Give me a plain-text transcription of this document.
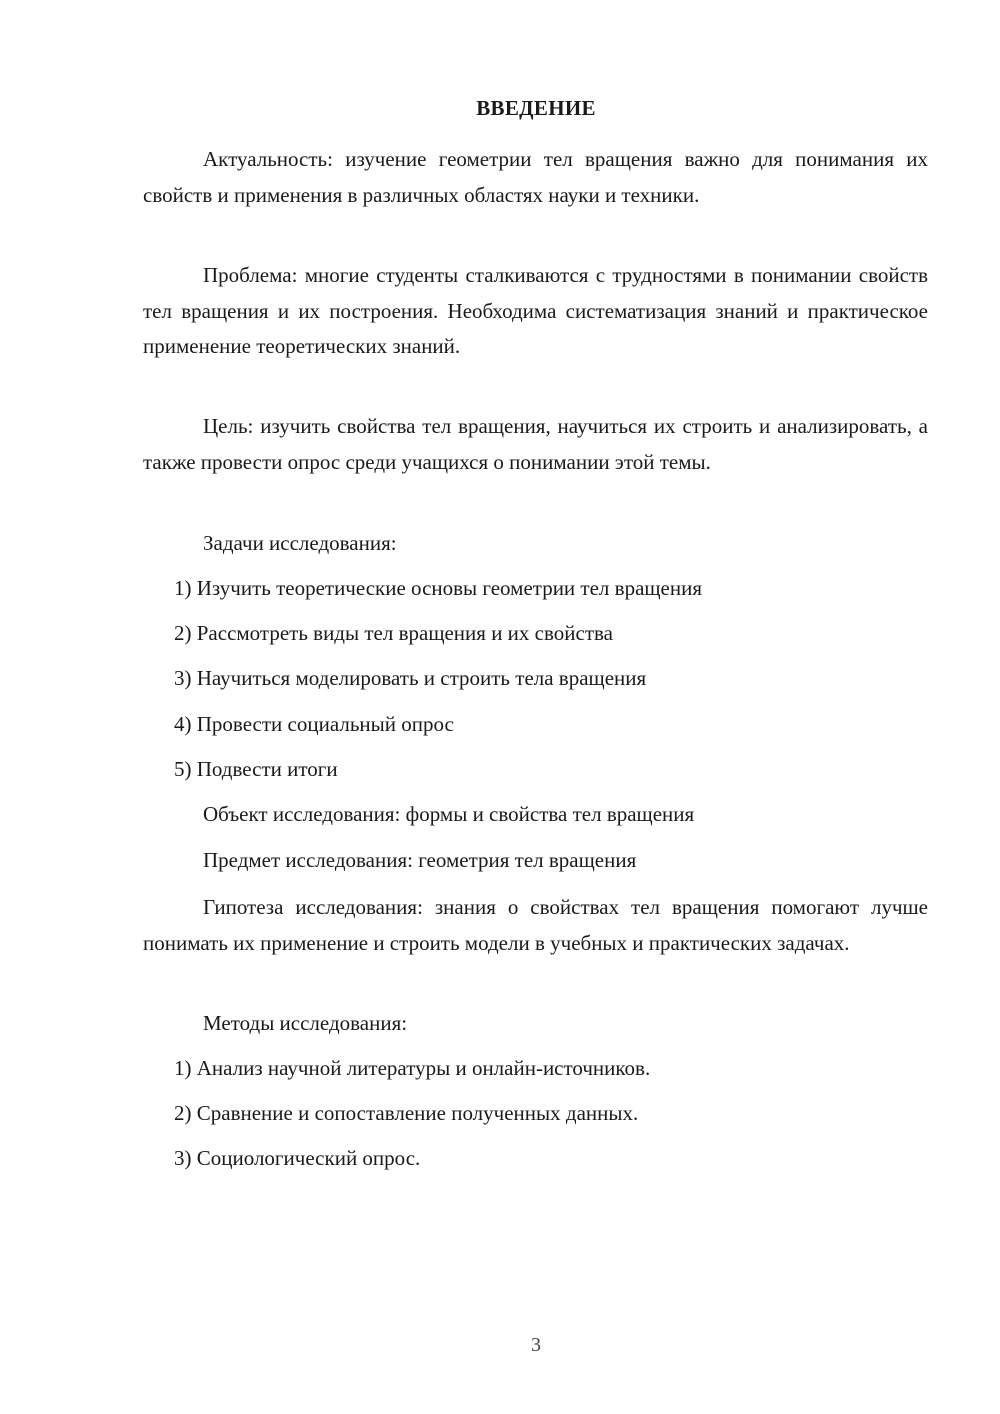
ВВЕДЕНИЕ

Актуальность: изучение геометрии тел вращения важно для понимания их свойств и применения в различных областях науки и техники.

Проблема: многие студенты сталкиваются с трудностями в понимании свойств тел вращения и их построения. Необходима систематизация знаний и практическое применение теоретических знаний.

Цель: изучить свойства тел вращения, научиться их строить и анализировать, а также провести опрос среди учащихся о понимании этой темы.

Задачи исследования:

1) Изучить теоретические основы геометрии тел вращения

2) Рассмотреть виды тел вращения и их свойства

3) Научиться моделировать и строить тела вращения

4) Провести социальный опрос

5) Подвести итоги

Объект исследования: формы и свойства тел вращения

Предмет исследования: геометрия тел вращения

Гипотеза исследования: знания о свойствах тел вращения помогают лучше понимать их применение и строить модели в учебных и практических задачах.

Методы исследования:

1) Анализ научной литературы и онлайн-источников.

2) Сравнение и сопоставление полученных данных.

3) Социологический опрос.

3
